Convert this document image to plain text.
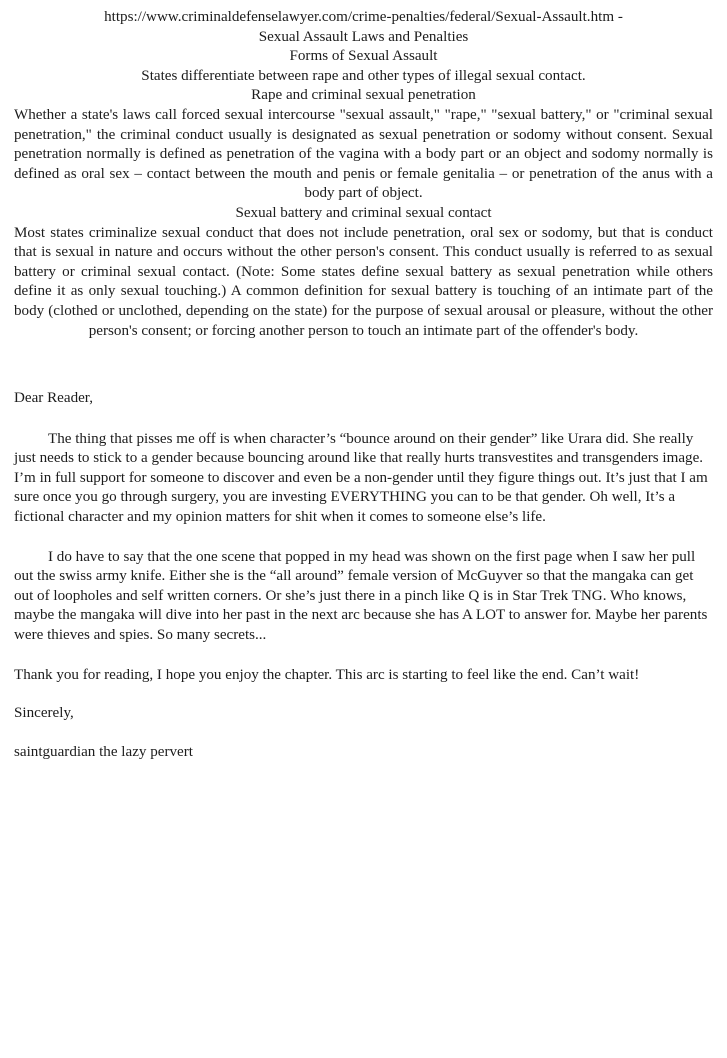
https://www.criminaldefenselawyer.com/crime-penalties/federal/Sexual-Assault.htm -
Sexual Assault Laws and Penalties
Forms of Sexual Assault
States differentiate between rape and other types of illegal sexual contact.
Rape and criminal sexual penetration
Whether a state's laws call forced sexual intercourse "sexual assault," "rape," "sexual battery," or "criminal sexual penetration," the criminal conduct usually is designated as sexual penetration or sodomy without consent. Sexual penetration normally is defined as penetration of the vagina with a body part or an object and sodomy normally is defined as oral sex – contact between the mouth and penis or female genitalia – or penetration of the anus with a body part of object.
Sexual battery and criminal sexual contact
Most states criminalize sexual conduct that does not include penetration, oral sex or sodomy, but that is conduct that is sexual in nature and occurs without the other person's consent. This conduct usually is referred to as sexual battery or criminal sexual contact. (Note: Some states define sexual battery as sexual penetration while others define it as only sexual touching.) A common definition for sexual battery is touching of an intimate part of the body (clothed or unclothed, depending on the state) for the purpose of sexual arousal or pleasure, without the other person's consent; or forcing another person to touch an intimate part of the offender's body.

Dear Reader,

The thing that pisses me off is when character’s “bounce around on their gender” like Urara did. She really just needs to stick to a gender because bouncing around like that really hurts transvestites and transgenders image. I’m in full support for someone to discover and even be a non-gender until they figure things out. It’s just that I am sure once you go through surgery, you are investing EVERYTHING you can to be that gender. Oh well, It’s a fictional character and my opinion matters for shit when it comes to someone else’s life.

I do have to say that the one scene that popped in my head was shown on the first page when I saw her pull out the swiss army knife. Either she is the “all around” female version of McGuyver so that the mangaka can get out of loopholes and self written corners. Or she’s just there in a pinch like Q is in Star Trek TNG. Who knows, maybe the mangaka will dive into her past in the next arc because she has A LOT to answer for. Maybe her parents were thieves and spies. So many secrets...

Thank you for reading, I hope you enjoy the chapter. This arc is starting to feel like the end. Can’t wait!

Sincerely,

saintguardian the lazy pervert
